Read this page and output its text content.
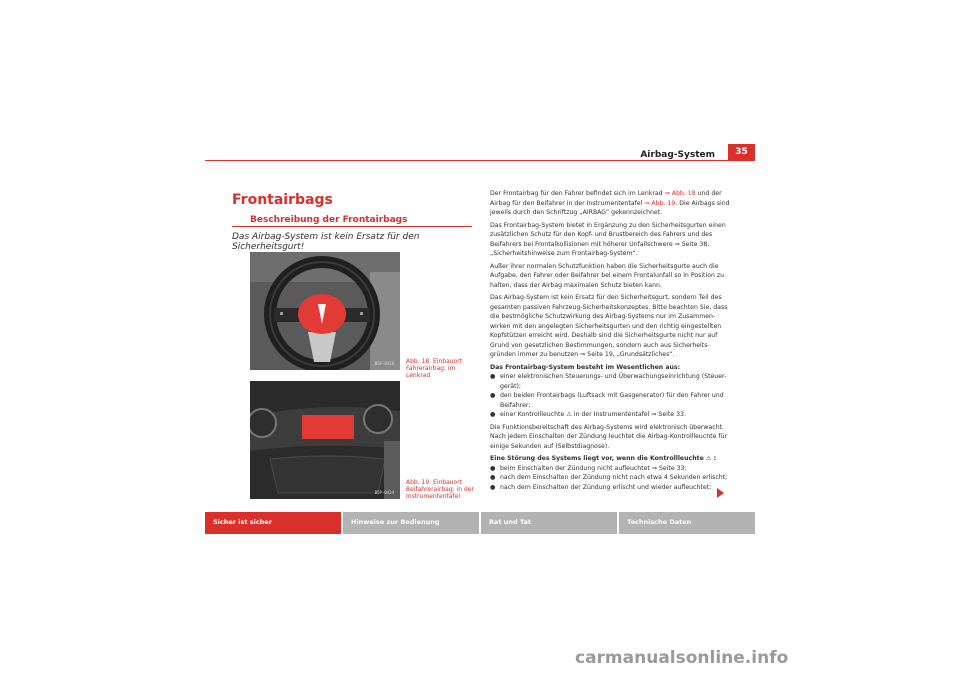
Airbag-System	35
Frontairbags
Beschreibung der Frontairbags
Das Airbag-System ist kein Ersatz für den Sicherheitsgurt!
B5P-0418 Abb. 18 Einbauort Fahrerairbag: im Lenkrad
B5P-0434
Abb. 19 Einbauort Beifahrerairbag: in der Instrumententafel

Der Frontairbag für den Fahrer befindet sich im Lenkrad ⇒ Abb. 18 und der Airbag für den Beifahrer in der Instrumententafel ⇒ Abb. 19. Die Airbags sind jeweils durch den Schriftzug „AIRBAG“ gekennzeichnet.

Das Frontairbag-System bietet in Ergänzung zu den Sicherheitsgurten einen zusätzlichen Schutz für den Kopf- und Brustbereich des Fahrers und des Beifahrers bei Frontalkollisionen mit höherer Unfallschwere ⇒ Seite 38, „Sicherheitshinweise zum Frontairbag-System“.

Außer ihrer normalen Schutzfunktion haben die Sicherheitsgurte auch die Aufgabe, den Fahrer oder Beifahrer bei einem Frontalunfall so in Position zu halten, dass der Airbag maximalen Schutz bieten kann.

Das Airbag-System ist kein Ersatz für den Sicherheitsgurt, sondern Teil des gesamten passiven Fahrzeug-Sicherheitskonzeptes. Bitte beachten Sie, dass die bestmögliche Schutzwirkung des Airbag-Systems nur im Zusammen- wirken mit den angelegten Sicherheitsgurten und den richtig eingestellten Kopfstützen erreicht wird. Deshalb sind die Sicherheitsgurte nicht nur auf Grund von gesetzlichen Bestimmungen, sondern auch aus Sicherheits- gründen immer zu benutzen ⇒ Seite 19, „Grundsätzliches“.

Das Frontairbag-System besteht im Wesentlichen aus:

● einer elektronischen Steuerungs- und Überwachungseinrichtung (Steuer- gerät);
● den beiden Frontairbags (Luftsack mit Gasgenerator) für den Fahrer und Beifahrer;
● einer Kontrollleuchte ⚠ in der Instrumententafel ⇒ Seite 33.

Die Funktionsbereitschaft des Airbag-Systems wird elektronisch überwacht. Nach jedem Einschalten der Zündung leuchtet die Airbag-Kontrollleuchte für einige Sekunden auf (Selbstdiagnose).

Eine Störung des Systems liegt vor, wenn die Kontrollleuchte ⚠ :

● beim Einschalten der Zündung nicht aufleuchtet ⇒ Seite 33;
● nach dem Einschalten der Zündung nicht nach etwa 4 Sekunden erlischt;
● nach dem Einschalten der Zündung erlischt und wieder aufleuchtet;
Sicher ist sicher	Hinweise zur Bedienung	Rat und Tat	Technische Daten
carmanualsonline.info
